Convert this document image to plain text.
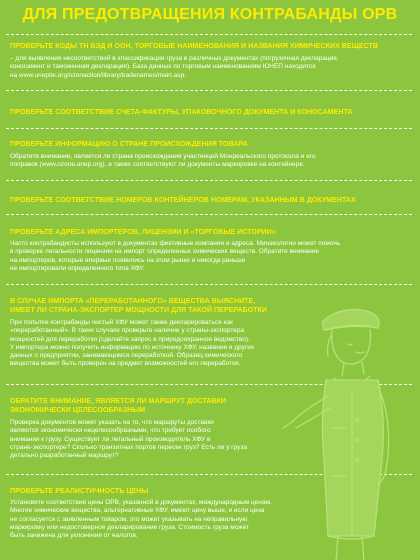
ДЛЯ ПРЕДОТВРАЩЕНИЯ КОНТРАБАНДЫ ОРВ
ПРОВЕРЬТЕ КОДЫ ТН ВЭД И ООН, ТОРГОВЫЕ НАИМЕНОВАНИЯ И НАЗВАНИЯ ХИМИЧЕСКИХ ВЕЩЕСТВ
– для выявления несоответствий в классификации груза в различных документах (погрузочная декларация,
коносамент и таможенная декларация). База данных по торговым наименованиям ЮНЕП находится
на www.uneptie.org/ozonaction/library/tradenames/main.asp.
ПРОВЕРЬТЕ СООТВЕТСТВИЕ СЧЕТА-ФАКТУРЫ, УПАКОВОЧНОГО ДОКУМЕНТА И КОНОСАМЕНТА
ПРОВЕРЬТЕ ИНФОРМАЦИЮ О СТРАНЕ ПРОИСХОЖДЕНИЯ ТОВАРА
Обратите внимание, является ли страна происхождения участницей Монреальского протокола и его
поправок (www.ozone.unep.org), а также соответствуют ли документы маркировке на контейнере.
ПРОВЕРЬТЕ СООТВЕТСТВИЕ НОМЕРОВ КОНТЕЙНЕРОВ НОМЕРАМ, УКАЗАННЫМ В ДОКУМЕНТАХ
ПРОВЕРЬТЕ АДРЕСА ИМПОРТЕРОВ, ЛИЦЕНЗИИ И «ТОРГОВЫЕ ИСТОРИИ»
Часто контрабандисты используют в документах фиктивные компании и адреса. Минэкологии может помочь
в проверке легальности лицензии на импорт определенных химических веществ. Обратите внимание
на импортеров, которые впервые появились на этом рынке и никогда раньше
не импортировали определенного типа ХФУ.
В СЛУЧАЕ ИМПОРТА «ПЕРЕРАБОТАННОГО» ВЕЩЕСТВА ВЫЯСНИТЕ,
ИМЕЕТ ЛИ СТРАНА-ЭКСПОРТЕР МОЩНОСТИ ДЛЯ ТАКОЙ ПЕРЕРАБОТКИ
При попытке контрабанды чистый ХФУ может также декларироваться как
«переработанный». В таких случаях проверьте наличие у страны-экспортера
мощностей для переработки (сделайте запрос в природоохранное ведомство).
У импортера можно получить информацию по источнику ХФУ, название и других
данных о предприятии, занимающимся переработкой. Образец химического
вещества может быть проверен на предмет возможностей его переработки.
ОБРАТИТЕ ВНИМАНИЕ, ЯВЛЯЕТСЯ ЛИ МАРШРУТ ДОСТАВКИ
ЭКОНОМИЧЕСКИ ЦЕЛЕСООБРАЗНЫМ
Проверка документов может указать на то, что маршруты доставки
являются экономически нецелесообразными, что требует особого
внимания к грузу. Существует ли легальный производитель ХФУ в
стране-экспортере? Сколько транзитных портов пересек груз? Есть ли у груза
детально разработанный маршрут?
ПРОВЕРЬТЕ РЕАЛИСТИЧНОСТЬ ЦЕНЫ
Установите соответствие цены ОРВ, указанной в документах, международным ценам.
Многие химические вещества, альтернативные ХФУ, имеют цену выше, и если цена
не согласуется с заявленным товаром, это может указывать на неправильную
маркировку или недостоверное декларирование груза. Стоимость груза может
быть занижена для уклонения от налогов.
